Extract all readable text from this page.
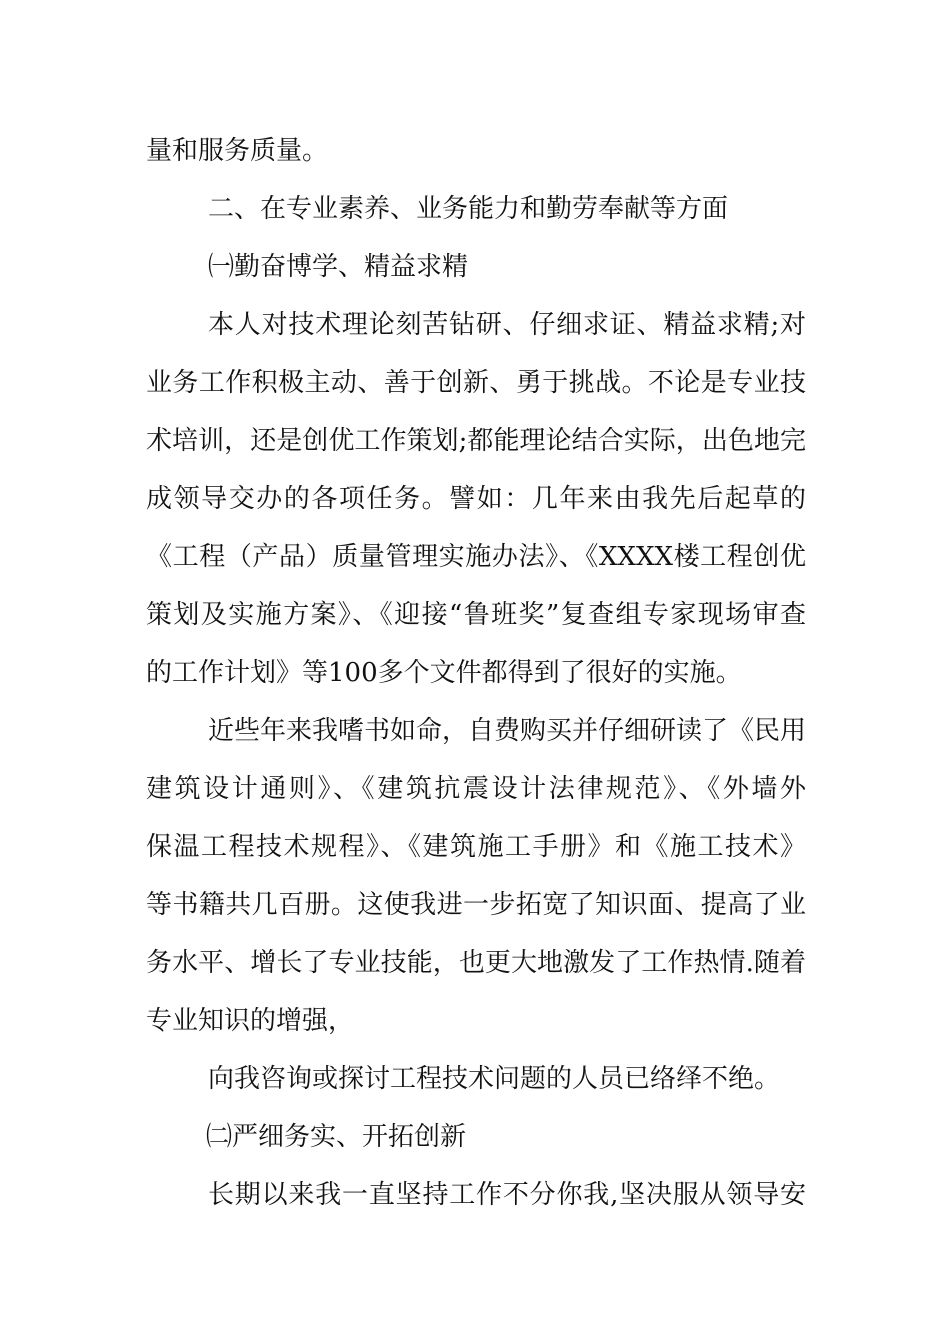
量和服务质量。
二、在专业素养、业务能力和勤劳奉献等方面
㈠勤奋博学、精益求精
本人对技术理论刻苦钻研、仔细求证、精益求精;对
业务工作积极主动、善于创新、勇于挑战。不论是专业技
术培训，还是创优工作策划;都能理论结合实际，出色地完
成领导交办的各项任务。譬如：几年来由我先后起草的
《工程（产品）质量管理实施办法》、《XXXX楼工程创优
策划及实施方案》、《迎接“鲁班奖”复查组专家现场审查
的工作计划》等100多个文件都得到了很好的实施。
近些年来我嗜书如命，自费购买并仔细研读了《民用
建筑设计通则》、《建筑抗震设计法律规范》、《外墙外
保温工程技术规程》、《建筑施工手册》和《施工技术》
等书籍共几百册。这使我进一步拓宽了知识面、提高了业
务水平、增长了专业技能，也更大地激发了工作热情.随着
专业知识的增强，
向我咨询或探讨工程技术问题的人员已络绎不绝。
㈡严细务实、开拓创新
长期以来我一直坚持工作不分你我,坚决服从领导安
